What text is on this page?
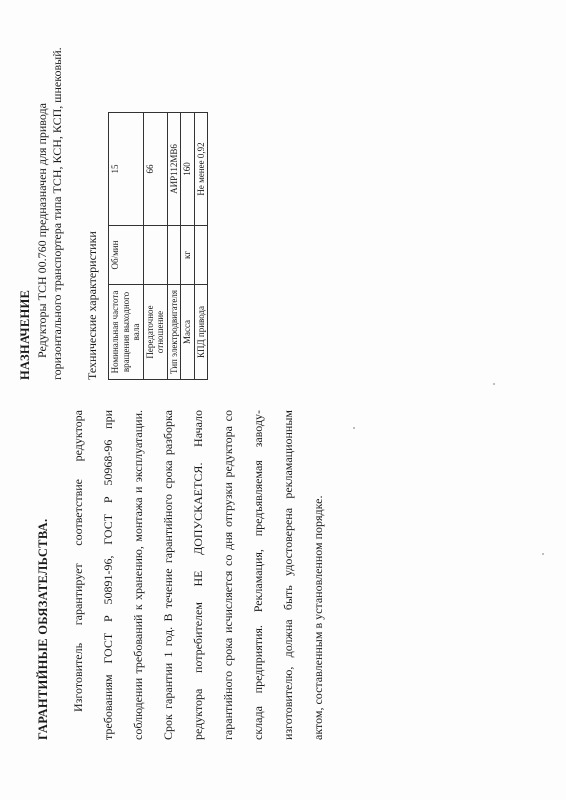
ГАРАНТИЙНЫЕ ОБЯЗАТЕЛЬСТВА.	Изготовитель гарантирует соответствие редуктора требованиям ГОСТ Р 50891-96, ГОСТ Р 50968-96 при соблюдении требований к хранению, монтажа и эксплуатации. Срок гарантии 1 год. В течение гарантийного срока разборка редуктора потребителем НЕ ДОПУСКАЕТСЯ. Начало гарантийного срока исчисляется со дня отгрузки редуктора со склада предприятия. Рекламация, предъявляемая заводу-изготовителю, должна быть удостоверена рекламационным актом, составленным в установленном порядке.
НАЗНАЧЕНИЕ Редукторы ТСН 00.760 предназначен для привода горизонтального транспортера типа ТСН, КСН, КСП, шнековый. Технические характеристики Номинальная частота вращения выходного вала	Об/мин	15
Передаточное отношение		66
Тип электродвигателя		АИР112МВ6
Масса	кг	160
КПД привода		Не менее 0,92
